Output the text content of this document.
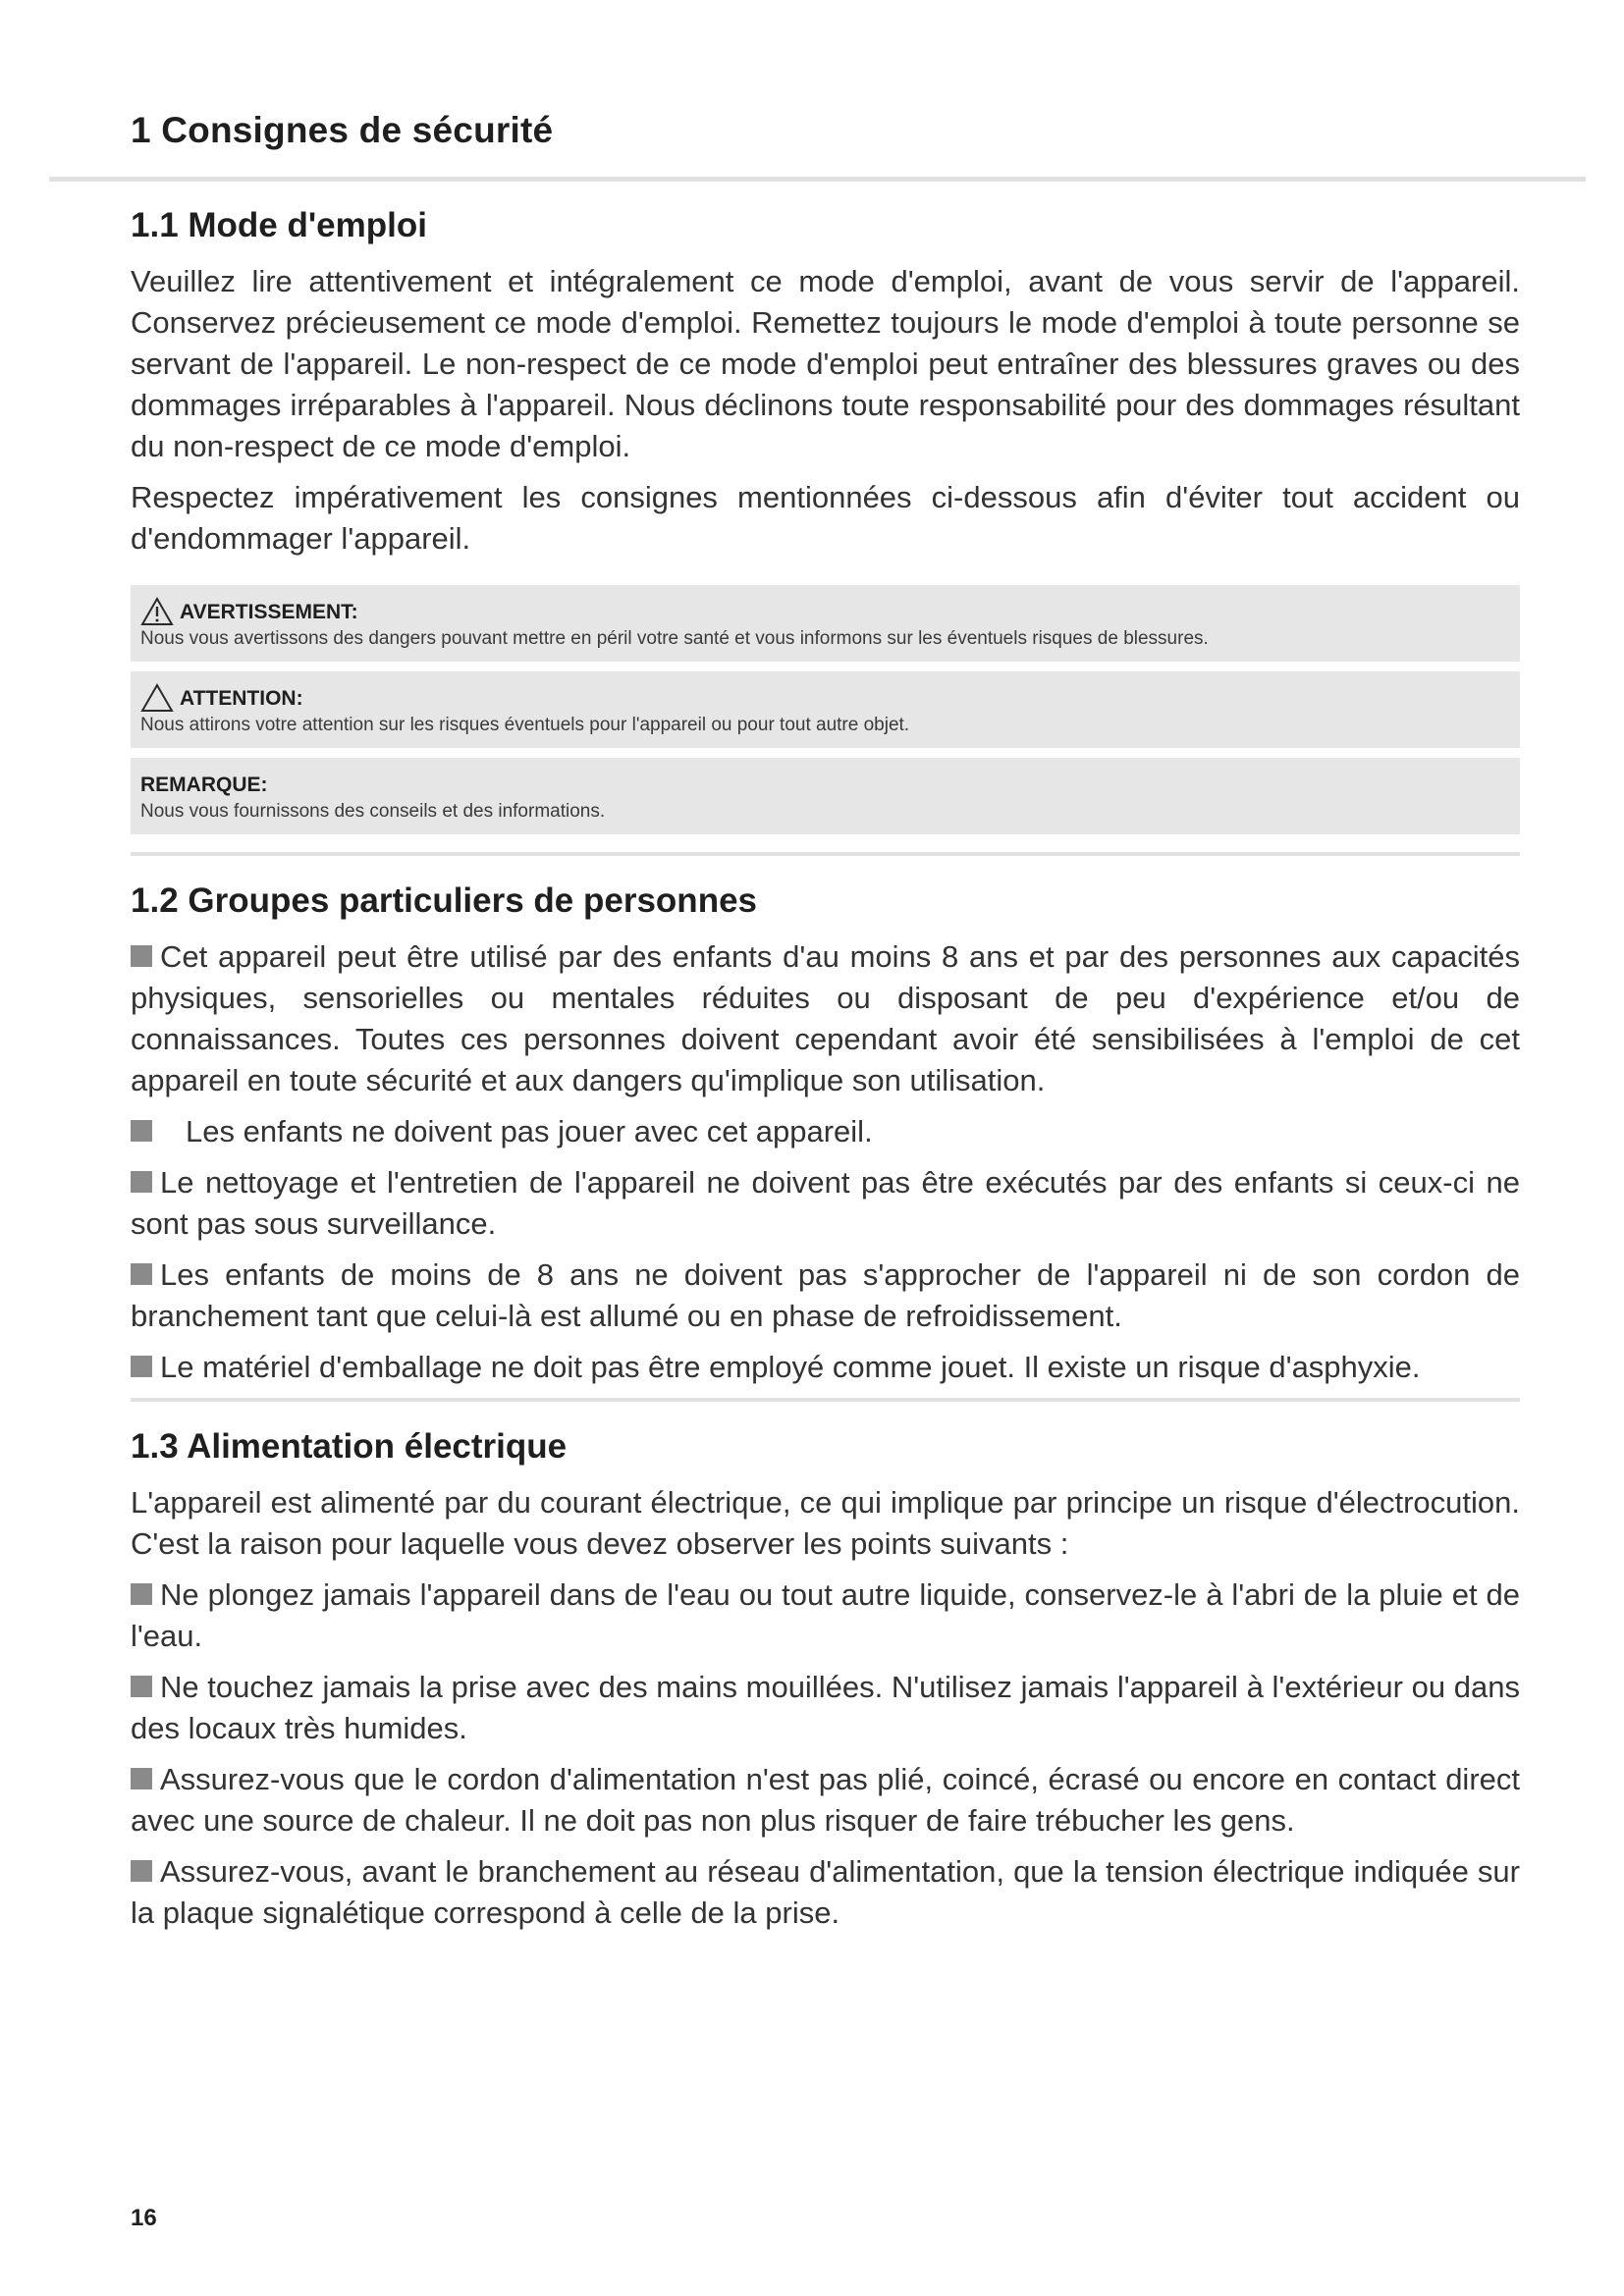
1 Consignes de sécurité
1.1 Mode d'emploi

Veuillez lire attentivement et intégralement ce mode d'emploi, avant de vous servir de l'appareil. Conservez précieusement ce mode d'emploi. Remettez toujours le mode d'emploi à toute personne se servant de l'appareil. Le non-respect de ce mode d'emploi peut entraîner des blessures graves ou des dommages irréparables à l'appareil. Nous déclinons toute responsabilité pour des dommages résultant du non-respect de ce mode d'emploi.

Respectez impérativement les consignes mentionnées ci-dessous afin d'éviter tout accident ou d'endommager l'appareil.

AVERTISSEMENT:
Nous vous avertissons des dangers pouvant mettre en péril votre santé et vous informons sur les éventuels risques de blessures.
ATTENTION:
Nous attirons votre attention sur les risques éventuels pour l'appareil ou pour tout autre objet.
REMARQUE:
Nous vous fournissons des conseils et des informations.
1.2 Groupes particuliers de personnes
Cet appareil peut être utilisé par des enfants d'au moins 8 ans et par des personnes aux capacités physiques, sensorielles ou mentales réduites ou disposant de peu d'expérience et/ou de connaissances. Toutes ces personnes doivent cependant avoir été sensibilisées à l'emploi de cet appareil en toute sécurité et aux dangers qu'implique son utilisation.
Les enfants ne doivent pas jouer avec cet appareil.
Le nettoyage et l'entretien de l'appareil ne doivent pas être exécutés par des enfants si ceux-ci ne sont pas sous surveillance.
Les enfants de moins de 8 ans ne doivent pas s'approcher de l'appareil ni de son cordon de branchement tant que celui-là est allumé ou en phase de refroidissement.
Le matériel d'emballage ne doit pas être employé comme jouet. Il existe un risque d'asphyxie.
1.3 Alimentation électrique

L'appareil est alimenté par du courant électrique, ce qui implique par principe un risque d'électrocution. C'est la raison pour laquelle vous devez observer les points suivants :

Ne plongez jamais l'appareil dans de l'eau ou tout autre liquide, conservez-le à l'abri de la pluie et de l'eau.
Ne touchez jamais la prise avec des mains mouillées. N'utilisez jamais l'appareil à l'extérieur ou dans des locaux très humides.
Assurez-vous que le cordon d'alimentation n'est pas plié, coincé, écrasé ou encore en contact direct avec une source de chaleur. Il ne doit pas non plus risquer de faire trébucher les gens.
Assurez-vous, avant le branchement au réseau d'alimentation, que la tension électrique indiquée sur la plaque signalétique correspond à celle de la prise.
16
